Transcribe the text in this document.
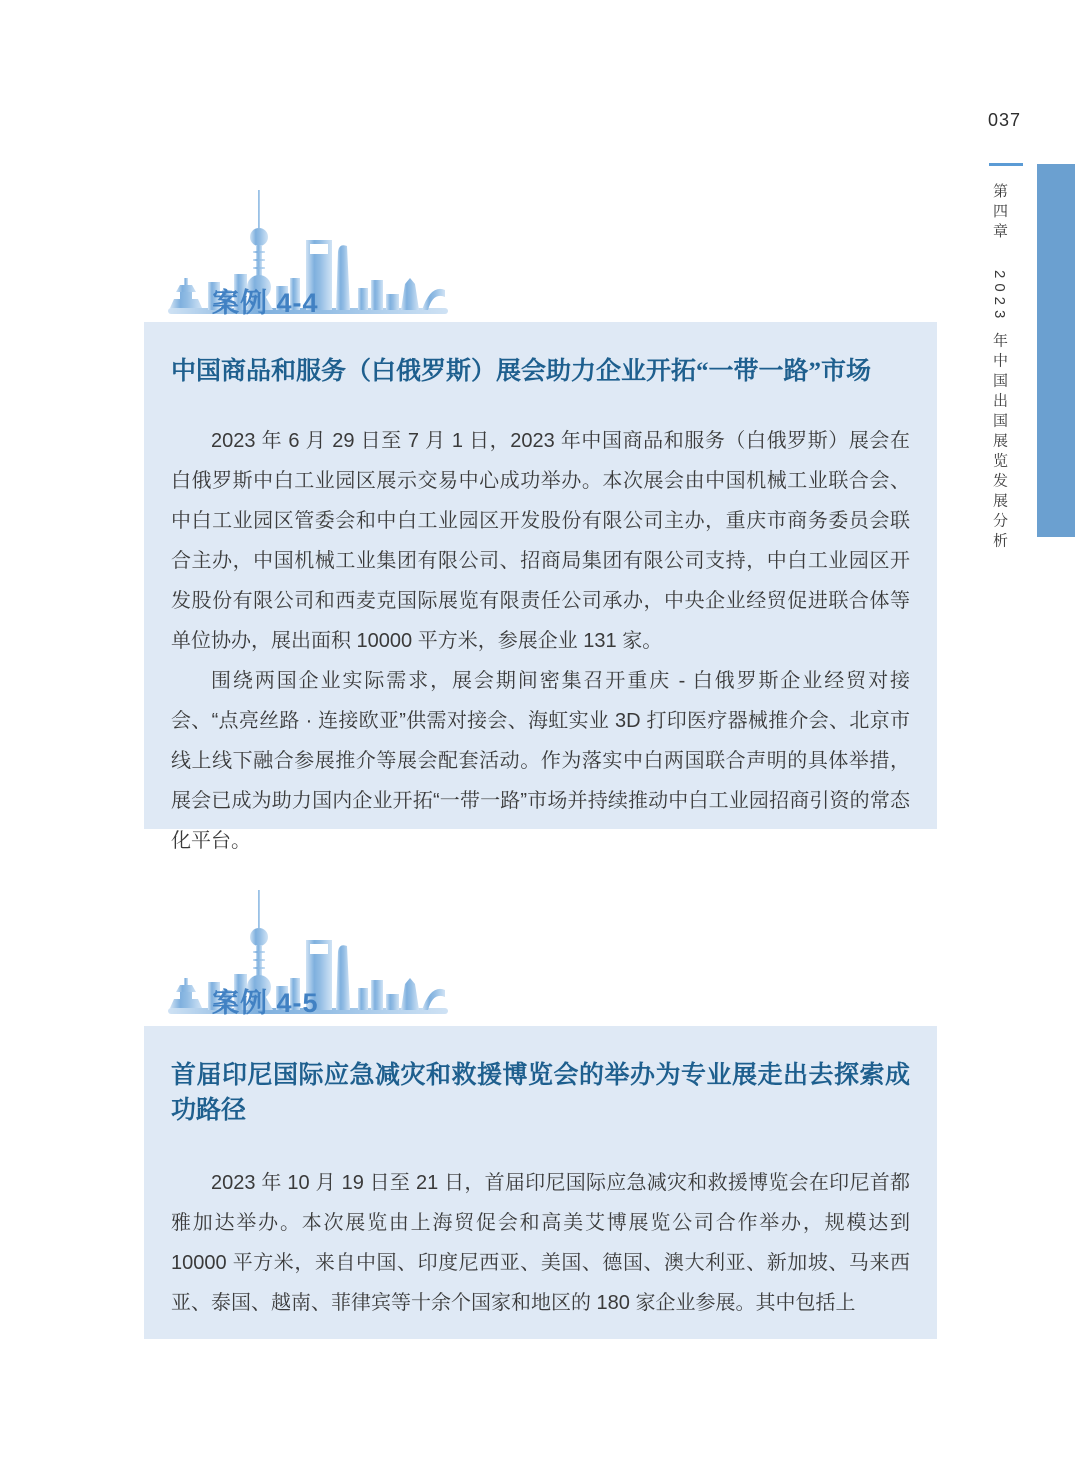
037
第四章 2023 年中国出国展览发展分析
案例 4-4
中国商品和服务（白俄罗斯）展会助力企业开拓“一带一路”市场

2023 年 6 月 29 日至 7 月 1 日，2023 年中国商品和服务（白俄罗斯）展会在白俄罗斯中白工业园区展示交易中心成功举办。本次展会由中国机械工业联合会、中白工业园区管委会和中白工业园区开发股份有限公司主办，重庆市商务委员会联合主办，中国机械工业集团有限公司、招商局集团有限公司支持，中白工业园区开发股份有限公司和西麦克国际展览有限责任公司承办，中央企业经贸促进联合体等单位协办，展出面积 10000 平方米，参展企业 131 家。

围绕两国企业实际需求，展会期间密集召开重庆 - 白俄罗斯企业经贸对接会、“点亮丝路 · 连接欧亚”供需对接会、海虹实业 3D 打印医疗器械推介会、北京市线上线下融合参展推介等展会配套活动。作为落实中白两国联合声明的具体举措，展会已成为助力国内企业开拓“一带一路”市场并持续推动中白工业园招商引资的常态化平台。

案例 4-5
首届印尼国际应急减灾和救援博览会的举办为专业展走出去探索成功路径

2023 年 10 月 19 日至 21 日，首届印尼国际应急减灾和救援博览会在印尼首都雅加达举办。本次展览由上海贸促会和高美艾博展览公司合作举办，规模达到 10000 平方米，来自中国、印度尼西亚、美国、德国、澳大利亚、新加坡、马来西亚、泰国、越南、菲律宾等十余个国家和地区的 180 家企业参展。其中包括上
